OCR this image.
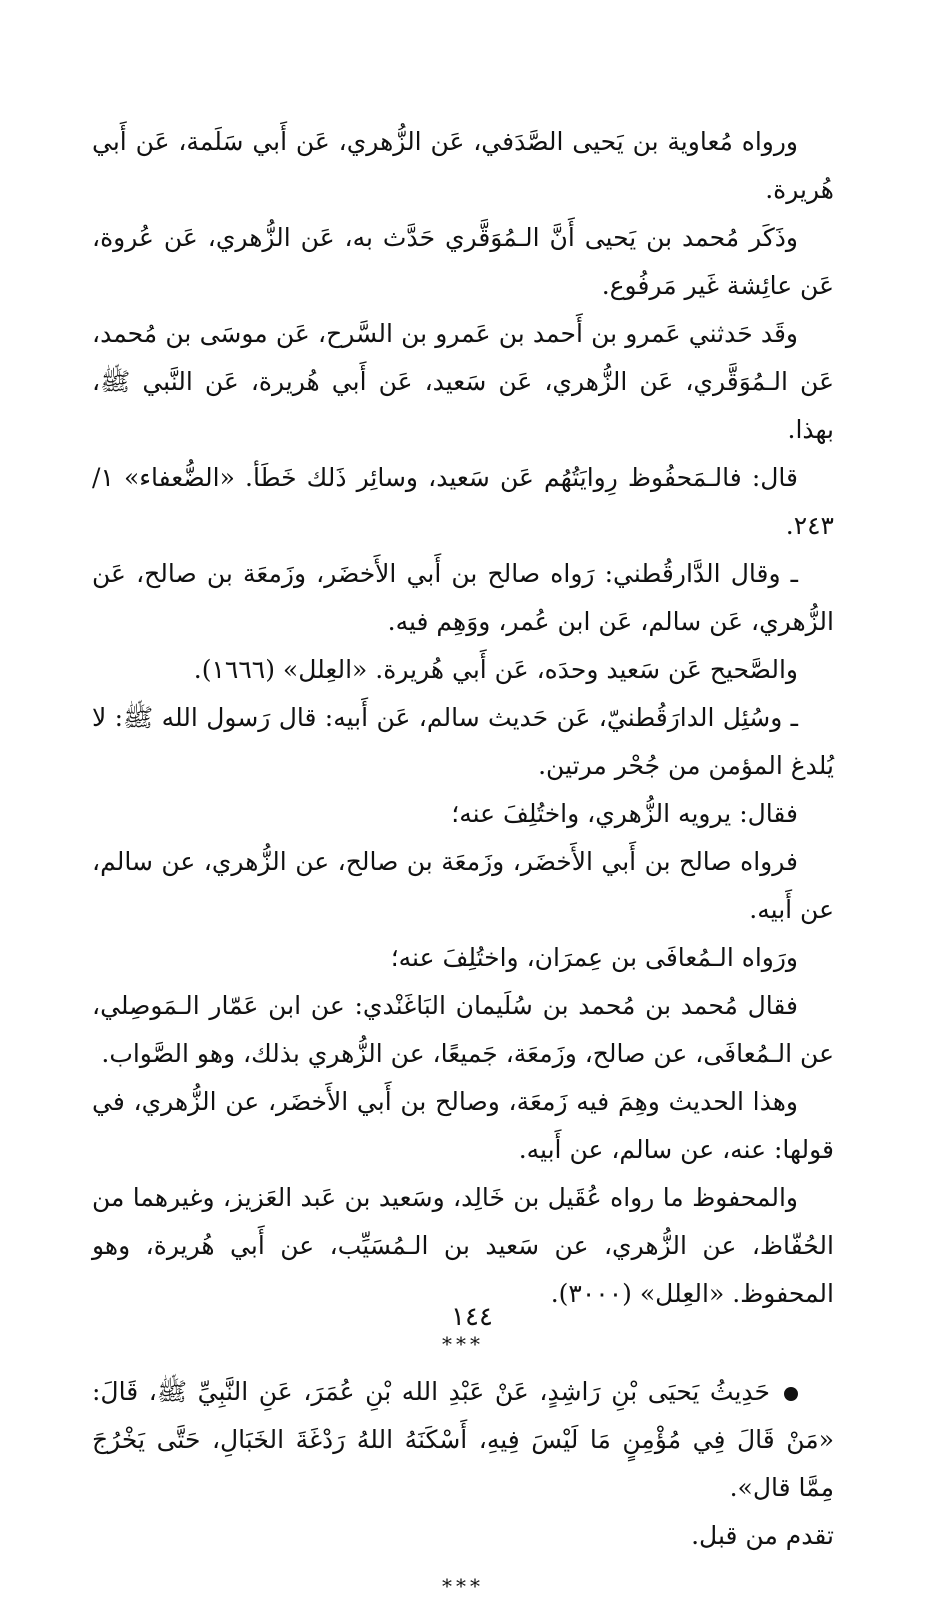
ورواه مُعاوية بن يَحيى الصَّدَفي، عَن الزُّهري، عَن أَبي سَلَمة، عَن أَبي هُريرة.

وذَكَر مُحمد بن يَحيى أَنَّ الـمُوَقَّري حَدَّث به، عَن الزُّهري، عَن عُروة، عَن عائِشة غَير مَرفُوع.

وقَد حَدثني عَمرو بن أَحمد بن عَمرو بن السَّرح، عَن موسَى بن مُحمد، عَن الـمُوَقَّري، عَن الزُّهري، عَن سَعيد، عَن أَبي هُريرة، عَن النَّبي ﷺ، بهذا.

قال: فالـمَحفُوظ رِوايَتُهُم عَن سَعيد، وسائِر ذَلك خَطَأ. «الضُّعفاء» ١/ ٢٤٣.

ـ وقال الدَّارقُطني: رَواه صالح بن أَبي الأَخضَر، وزَمعَة بن صالح، عَن الزُّهري، عَن سالم، عَن ابن عُمر، ووَهِم فيه.

والصَّحيح عَن سَعيد وحدَه، عَن أَبي هُريرة. «العِلل» (١٦٦٦).

ـ وسُئِل الدارَقُطنيّ، عَن حَديث سالم، عَن أَبيه: قال رَسول الله ﷺ: لا يُلدغ المؤمن من جُحْر مرتين.

فقال: يرويه الزُّهري، واختُلِفَ عنه؛

فرواه صالح بن أَبي الأَخضَر، وزَمعَة بن صالح، عن الزُّهري، عن سالم، عن أَبيه.

ورَواه الـمُعافَى بن عِمرَان، واختُلِفَ عنه؛

فقال مُحمد بن مُحمد بن سُلَيمان البَاغَنْدي: عن ابن عَمّار الـمَوصِلي، عن الـمُعافَى، عن صالح، وزَمعَة، جَميعًا، عن الزُّهري بذلك، وهو الصَّواب.

وهذا الحديث وهِمَ فيه زَمعَة، وصالح بن أَبي الأَخضَر، عن الزُّهري، في قولها: عنه، عن سالم، عن أَبيه.

والمحفوظ ما رواه عُقَيل بن خَالِد، وسَعيد بن عَبد العَزيز، وغيرهما من الحُفّاظ، عن الزُّهري، عن سَعيد بن الـمُسَيِّب، عن أَبي هُريرة، وهو المحفوظ. «العِلل» (٣٠٠٠).

***

حَدِيثُ يَحيَى بْنِ رَاشِدٍ، عَنْ عَبْدِ الله بْنِ عُمَرَ، عَنِ النَّبِيِّ ﷺ، قَالَ: «مَنْ قَالَ فِي مُؤْمِنٍ مَا لَيْسَ فِيهِ، أَسْكَنَهُ اللهُ رَدْغَةَ الخَبَالِ، حَتَّى يَخْرُجَ مِمَّا قال».

تقدم من قبل.

***
١٤٤
